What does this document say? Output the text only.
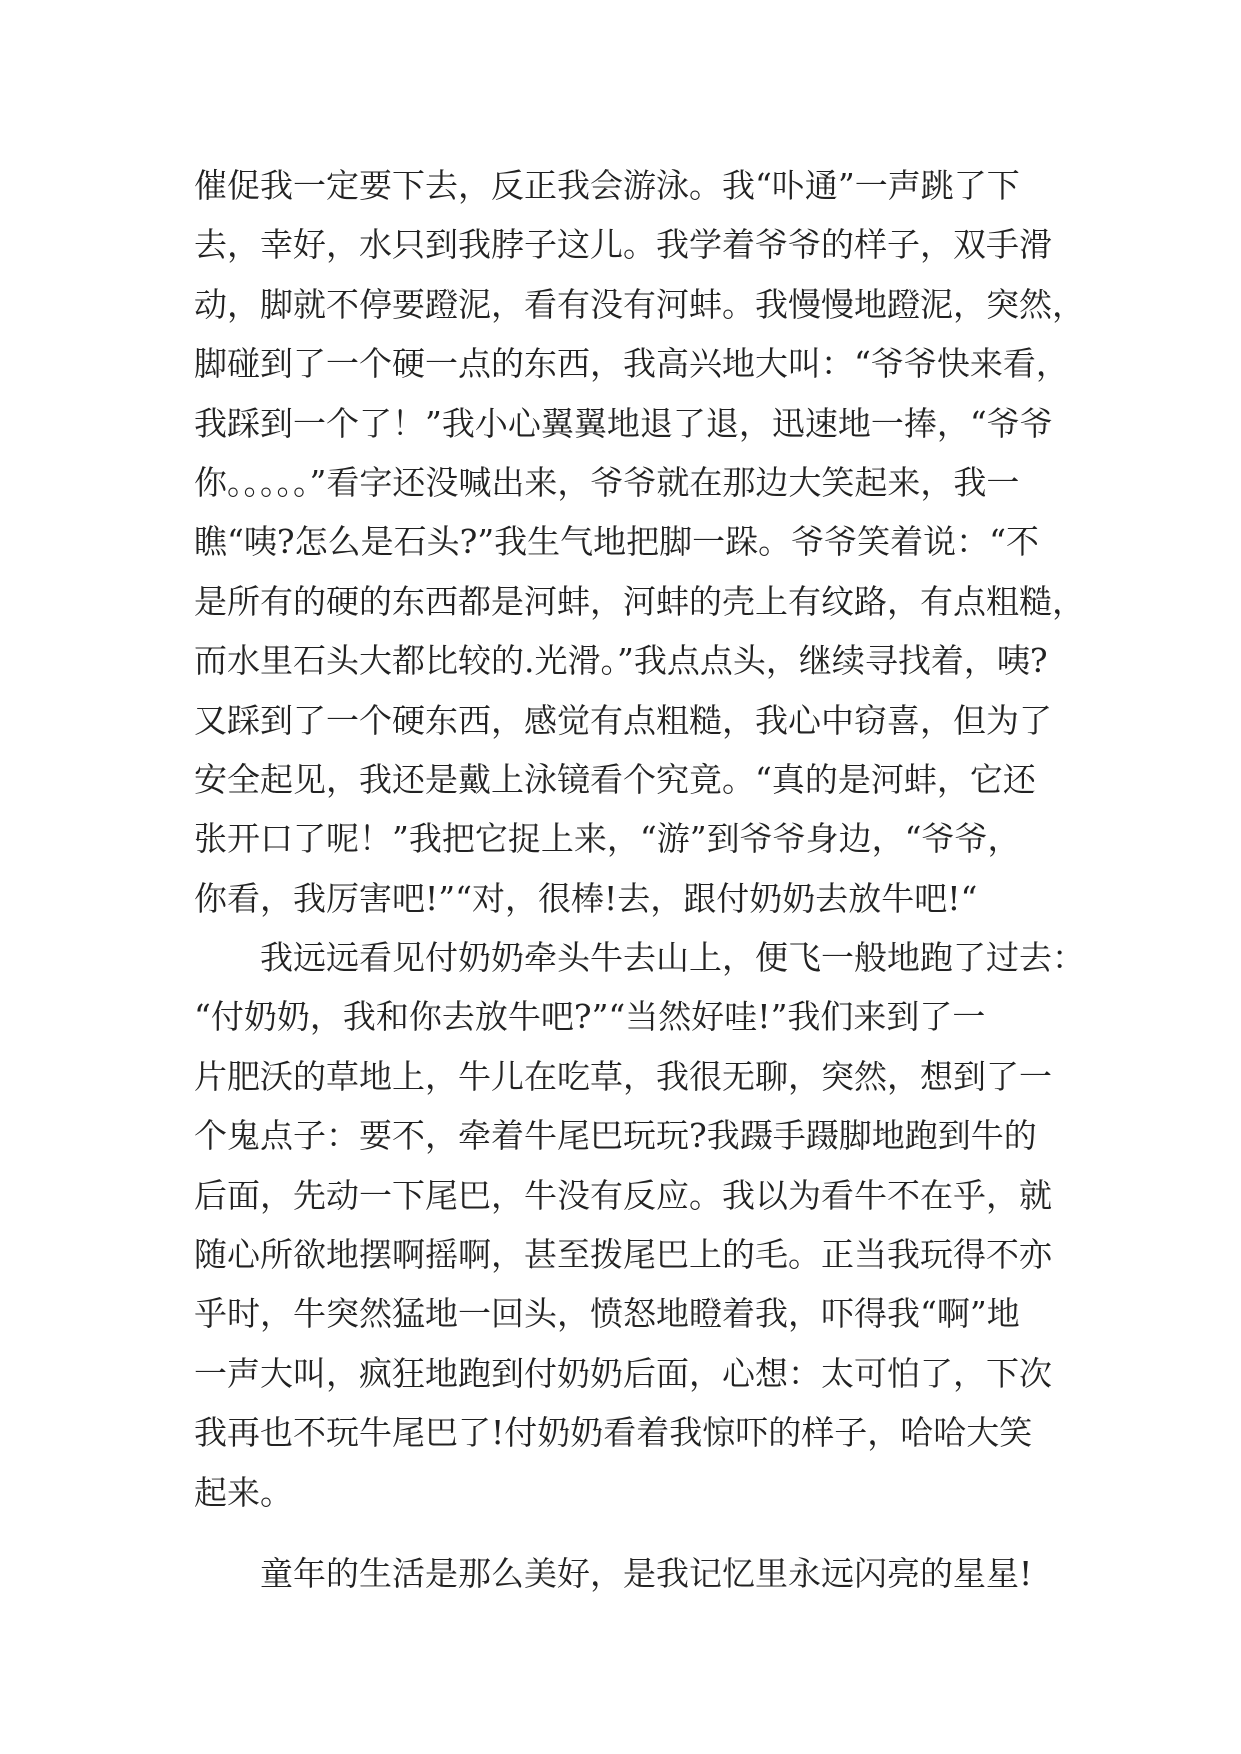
催促我一定要下去，反正我会游泳。我“卟通”一声跳了下
去，幸好，水只到我脖子这儿。我学着爷爷的样子，双手滑
动，脚就不停要蹬泥，看有没有河蚌。我慢慢地蹬泥，突然，
脚碰到了一个硬一点的东西，我高兴地大叫：“爷爷快来看，
我踩到一个了！”我小心翼翼地退了退，迅速地一捧，“爷爷
你。。。。。”看字还没喊出来，爷爷就在那边大笑起来，我一
瞧“咦?怎么是石头?”我生气地把脚一跺。爷爷笑着说：“不
是所有的硬的东西都是河蚌，河蚌的壳上有纹路，有点粗糙，
而水里石头大都比较的.光滑。”我点点头，继续寻找着，咦?
又踩到了一个硬东西，感觉有点粗糙，我心中窃喜，但为了
安全起见，我还是戴上泳镜看个究竟。“真的是河蚌，它还
张开口了呢！”我把它捉上来，“游”到爷爷身边，“爷爷，
你看，我厉害吧!”“对，很棒!去，跟付奶奶去放牛吧!“
我远远看见付奶奶牵头牛去山上，便飞一般地跑了过去：
“付奶奶，我和你去放牛吧?”“当然好哇!”我们来到了一
片肥沃的草地上，牛儿在吃草，我很无聊，突然，想到了一
个鬼点子：要不，牵着牛尾巴玩玩?我蹑手蹑脚地跑到牛的
后面，先动一下尾巴，牛没有反应。我以为看牛不在乎，就
随心所欲地摆啊摇啊，甚至拨尾巴上的毛。正当我玩得不亦
乎时，牛突然猛地一回头，愤怒地瞪着我，吓得我“啊”地
一声大叫，疯狂地跑到付奶奶后面，心想：太可怕了，下次
我再也不玩牛尾巴了!付奶奶看着我惊吓的样子，哈哈大笑
起来。
童年的生活是那么美好，是我记忆里永远闪亮的星星!
